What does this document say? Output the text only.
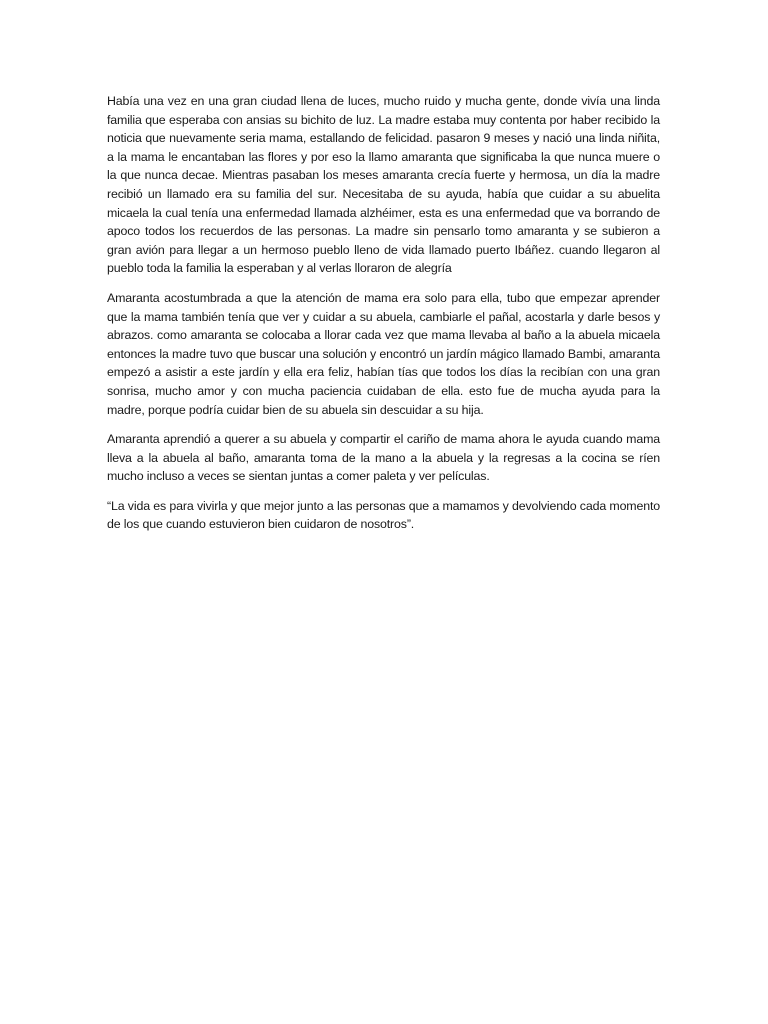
Había una vez en una gran ciudad llena de luces, mucho ruido y mucha gente, donde vivía una linda familia que esperaba con ansias su bichito de luz. La madre estaba muy contenta por haber recibido la noticia que nuevamente seria mama, estallando de felicidad. pasaron 9 meses y nació una linda niñita, a la mama le encantaban las flores y por eso la llamo amaranta que significaba la que nunca muere o la que nunca decae. Mientras pasaban los meses amaranta crecía fuerte y hermosa, un día la madre recibió un llamado era su familia del sur. Necesitaba de su ayuda, había que cuidar a su abuelita micaela la cual tenía una enfermedad llamada alzhéimer, esta es una enfermedad que va borrando de apoco todos los recuerdos de las personas. La madre sin pensarlo tomo amaranta y se subieron a gran avión para llegar a un hermoso pueblo lleno de vida llamado puerto Ibáñez. cuando llegaron al pueblo toda la familia la esperaban y al verlas lloraron de alegría

Amaranta acostumbrada a que la atención de mama era solo para ella, tubo que empezar aprender que la mama también tenía que ver y cuidar a su abuela, cambiarle el pañal, acostarla y darle besos y abrazos. como amaranta se colocaba a llorar cada vez que mama llevaba al baño a la abuela micaela entonces la madre tuvo que buscar una solución y encontró un jardín mágico llamado Bambi, amaranta empezó a asistir a este jardín y ella era feliz, habían tías que todos los días la recibían con una gran sonrisa, mucho amor y con mucha paciencia cuidaban de ella. esto fue de mucha ayuda para la madre, porque podría cuidar bien de su abuela sin descuidar a su hija.

Amaranta aprendió a querer a su abuela y compartir el cariño de mama ahora le ayuda cuando mama lleva a la abuela al baño, amaranta toma de la mano a la abuela y la regresas a la cocina se ríen mucho incluso a veces se sientan juntas a comer paleta y ver películas.

“La vida es para vivirla y que mejor junto a las personas que a mamamos y devolviendo cada momento de los que cuando estuvieron bien cuidaron de nosotros”.
